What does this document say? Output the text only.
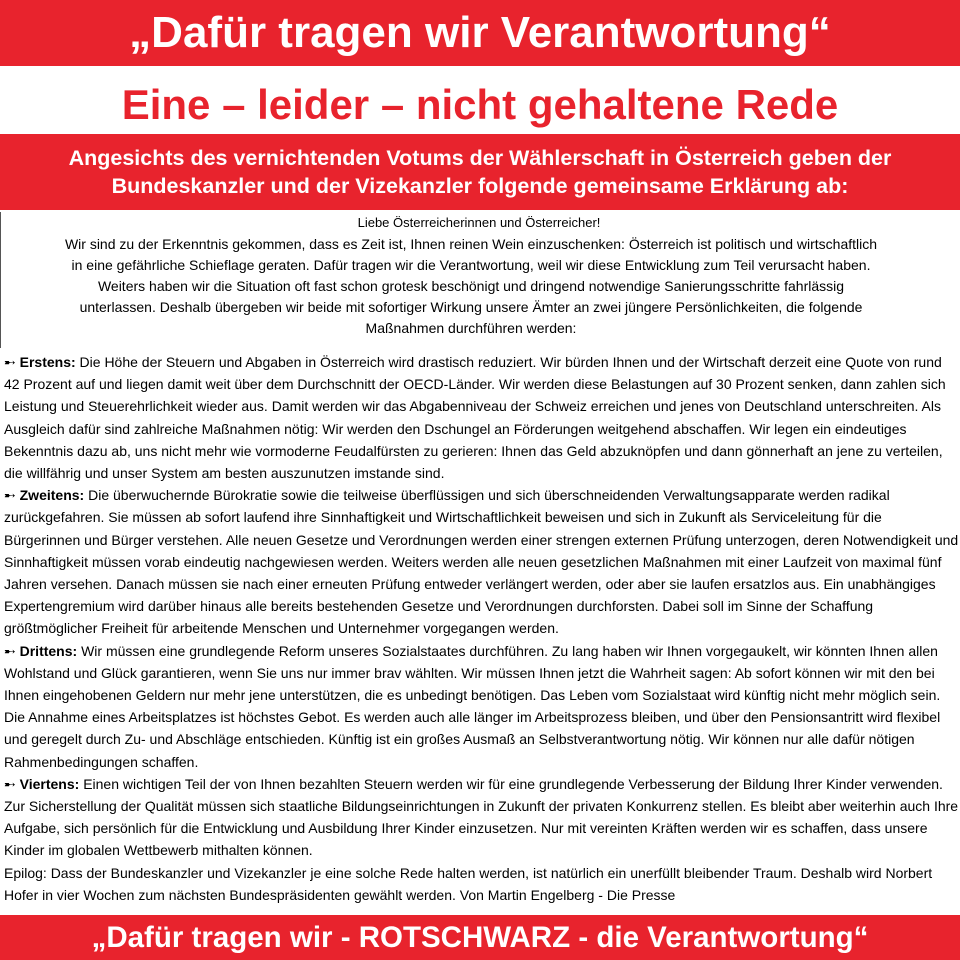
„Dafür tragen wir Verantwortung“
Eine – leider – nicht gehaltene Rede
Angesichts des vernichtenden Votums der Wählerschaft in Österreich geben der Bundeskanzler und der Vizekanzler folgende gemeinsame Erklärung ab:
Liebe Österreicherinnen und Österreicher!
Wir sind zu der Erkenntnis gekommen, dass es Zeit ist, Ihnen reinen Wein einzuschenken: Österreich ist politisch und wirtschaftlich in eine gefährliche Schieflage geraten. Dafür tragen wir die Verantwortung, weil wir diese Entwicklung zum Teil verursacht haben. Weiters haben wir die Situation oft fast schon grotesk beschönigt und dringend notwendige Sanierungsschritte fahrlässig unterlassen. Deshalb übergeben wir beide mit sofortiger Wirkung unsere Ämter an zwei jüngere Persönlichkeiten, die folgende Maßnahmen durchführen werden:

➸ Erstens: Die Höhe der Steuern und Abgaben in Österreich wird drastisch reduziert. Wir bürden Ihnen und der Wirtschaft derzeit eine Quote von rund 42 Prozent auf und liegen damit weit über dem Durchschnitt der OECD-Länder. Wir werden diese Belastungen auf 30 Prozent senken, dann zahlen sich Leistung und Steuerehrlichkeit wieder aus. Damit werden wir das Abgabenniveau der Schweiz erreichen und jenes von Deutschland unterschreiten. Als Ausgleich dafür sind zahlreiche Maßnahmen nötig: Wir werden den Dschungel an Förderungen weitgehend abschaffen. Wir legen ein eindeutiges Bekenntnis dazu ab, uns nicht mehr wie vormoderne Feudalfürsten zu gerieren: Ihnen das Geld abzuknöpfen und dann gönnerhaft an jene zu verteilen, die willfährig und unser System am besten auszunutzen imstande sind.

➸ Zweitens: Die überwuchernde Bürokratie sowie die teilweise überflüssigen und sich überschneidenden Verwaltungsapparate werden radikal zurückgefahren. Sie müssen ab sofort laufend ihre Sinnhaftigkeit und Wirtschaftlichkeit beweisen und sich in Zukunft als Serviceleitung für die Bürgerinnen und Bürger verstehen. Alle neuen Gesetze und Verordnungen werden einer strengen externen Prüfung unterzogen, deren Notwendigkeit und Sinnhaftigkeit müssen vorab eindeutig nachgewiesen werden. Weiters werden alle neuen gesetzlichen Maßnahmen mit einer Laufzeit von maximal fünf Jahren versehen. Danach müssen sie nach einer erneuten Prüfung entweder verlängert werden, oder aber sie laufen ersatzlos aus. Ein unabhängiges Expertengremium wird darüber hinaus alle bereits bestehenden Gesetze und Verordnungen durchforsten. Dabei soll im Sinne der Schaffung größtmöglicher Freiheit für arbeitende Menschen und Unternehmer vorgegangen werden.

➸ Drittens: Wir müssen eine grundlegende Reform unseres Sozialstaates durchführen. Zu lang haben wir Ihnen vorgegaukelt, wir könnten Ihnen allen Wohlstand und Glück garantieren, wenn Sie uns nur immer brav wählten. Wir müssen Ihnen jetzt die Wahrheit sagen: Ab sofort können wir mit den bei Ihnen eingehobenen Geldern nur mehr jene unterstützen, die es unbedingt benötigen. Das Leben vom Sozialstaat wird künftig nicht mehr möglich sein. Die Annahme eines Arbeitsplatzes ist höchstes Gebot. Es werden auch alle länger im Arbeitsprozess bleiben, und über den Pensionsantritt wird flexibel und geregelt durch Zu- und Abschläge entschieden. Künftig ist ein großes Ausmaß an Selbstverantwortung nötig. Wir können nur alle dafür nötigen Rahmenbedingungen schaffen.

➸ Viertens: Einen wichtigen Teil der von Ihnen bezahlten Steuern werden wir für eine grundlegende Verbesserung der Bildung Ihrer Kinder verwenden. Zur Sicherstellung der Qualität müssen sich staatliche Bildungseinrichtungen in Zukunft der privaten Konkurrenz stellen. Es bleibt aber weiterhin auch Ihre Aufgabe, sich persönlich für die Entwicklung und Ausbildung Ihrer Kinder einzusetzen. Nur mit vereinten Kräften werden wir es schaffen, dass unsere Kinder im globalen Wettbewerb mithalten können.

Epilog: Dass der Bundeskanzler und Vizekanzler je eine solche Rede halten werden, ist natürlich ein unerfüllt bleibender Traum. Deshalb wird Norbert Hofer in vier Wochen zum nächsten Bundespräsidenten gewählt werden. Von Martin Engelberg - Die Presse

„Dafür tragen wir - ROTSCHWARZ - die Verantwortung“
